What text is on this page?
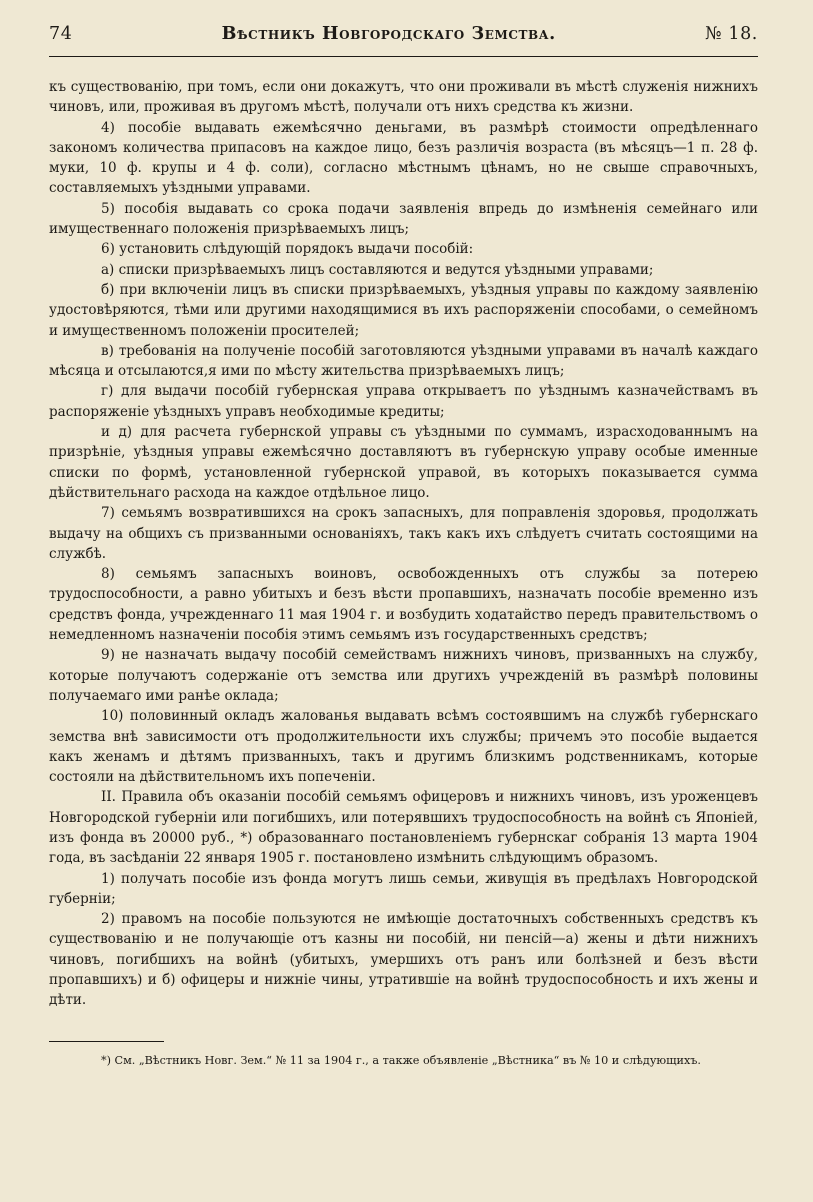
74	Вѣстникъ Новгородскаго Земства.	№ 18.

къ существованію, при томъ, если они докажутъ, что они проживали въ мѣстѣ служенія нижнихъ чиновъ, или, проживая въ другомъ мѣстѣ, получали отъ нихъ средства къ жизни.

4) пособіе выдавать ежемѣсячно деньгами, въ размѣрѣ стоимости опредѣленнаго закономъ количества припасовъ на каждое лицо, безъ различія возраста (въ мѣсяцъ—1 п. 28 ф. муки, 10 ф. крупы и 4 ф. соли), согласно мѣстнымъ цѣнамъ, но не свыше справочныхъ, составляемыхъ уѣздными управами.

5) пособія выдавать со срока подачи заявленія впредь до измѣненія семейнаго или имущественнаго положенія призрѣваемыхъ лицъ;

6) установить слѣдующій порядокъ выдачи пособій:

а) списки призрѣваемыхъ лицъ составляются и ведутся уѣздными управами;

б) при включеніи лицъ въ списки призрѣваемыхъ, уѣздныя управы по каждому заявленію удостовѣряются, тѣми или другими находящимися въ ихъ распоряженіи способами, о семейномъ и имущественномъ положеніи просителей;

в) требованія на полученіе пособій заготовляются уѣздными управами въ началѣ каждаго мѣсяца и отсылаются,я ими по мѣсту жительства призрѣваемыхъ лицъ;

г) для выдачи пособій губернская управа открываетъ по уѣзднымъ казначействамъ въ распоряженіе уѣздныхъ управъ необходимые кредиты;

и д) для расчета губернской управы съ уѣздными по суммамъ, израсходованнымъ на призрѣніе, уѣздныя управы ежемѣсячно доставляютъ въ губернскую управу особые именные списки по формѣ, установленной губернской управой, въ которыхъ показывается сумма дѣйствительнаго расхода на каждое отдѣльное лицо.

7) семьямъ возвратившихся на срокъ запасныхъ, для поправленія здоровья, продолжать выдачу на общихъ съ призванными основаніяхъ, такъ какъ ихъ слѣдуетъ считать состоящими на службѣ.

8) семьямъ запасныхъ воиновъ, освобожденныхъ отъ службы за потерею трудоспособности, а равно убитыхъ и безъ вѣсти пропавшихъ, назначать пособіе временно изъ средствъ фонда, учрежденнаго 11 мая 1904 г. и возбудить ходатайство передъ правительствомъ о немедленномъ назначеніи пособія этимъ семьямъ изъ государственныхъ средствъ;

9) не назначать выдачу пособій семействамъ нижнихъ чиновъ, призванныхъ на службу, которые получаютъ содержаніе отъ земства или другихъ учрежденій въ размѣрѣ половины получаемаго ими ранѣе оклада;

10) половинный окладъ жалованья выдавать всѣмъ состоявшимъ на службѣ губернскаго земства внѣ зависимости отъ продолжительности ихъ службы; причемъ это пособіе выдается какъ женамъ и дѣтямъ призванныхъ, такъ и другимъ близкимъ родственникамъ, которые состояли на дѣйствительномъ ихъ попеченіи.

II. Правила объ оказаніи пособій семьямъ офицеровъ и нижнихъ чиновъ, изъ уроженцевъ Новгородской губерніи или погибшихъ, или потерявшихъ трудоспособность на войнѣ съ Японіей, изъ фонда въ 20000 руб., *) образованнаго постановленіемъ губернскаг собранія 13 марта 1904 года, въ засѣданіи 22 января 1905 г. постановлено измѣнить слѣдующимъ образомъ.

1) получать пособіе изъ фонда могутъ лишь семьи, живущія въ предѣлахъ Новгородской губерніи;

2) правомъ на пособіе пользуются не имѣющіе достаточныхъ собственныхъ средствъ къ существованію и не получающіе отъ казны ни пособій, ни пенсій—а) жены и дѣти нижнихъ чиновъ, погибшихъ на войнѣ (убитыхъ, умершихъ отъ ранъ или болѣзней и безъ вѣсти пропавшихъ) и б) офицеры и нижніе чины, утратившіе на войнѣ трудоспособность и ихъ жены и дѣти.

*) См. „Вѣстникъ Новг. Зем.“ № 11 за 1904 г., а также объявленіе „Вѣстника“ въ № 10 и слѣдующихъ.
